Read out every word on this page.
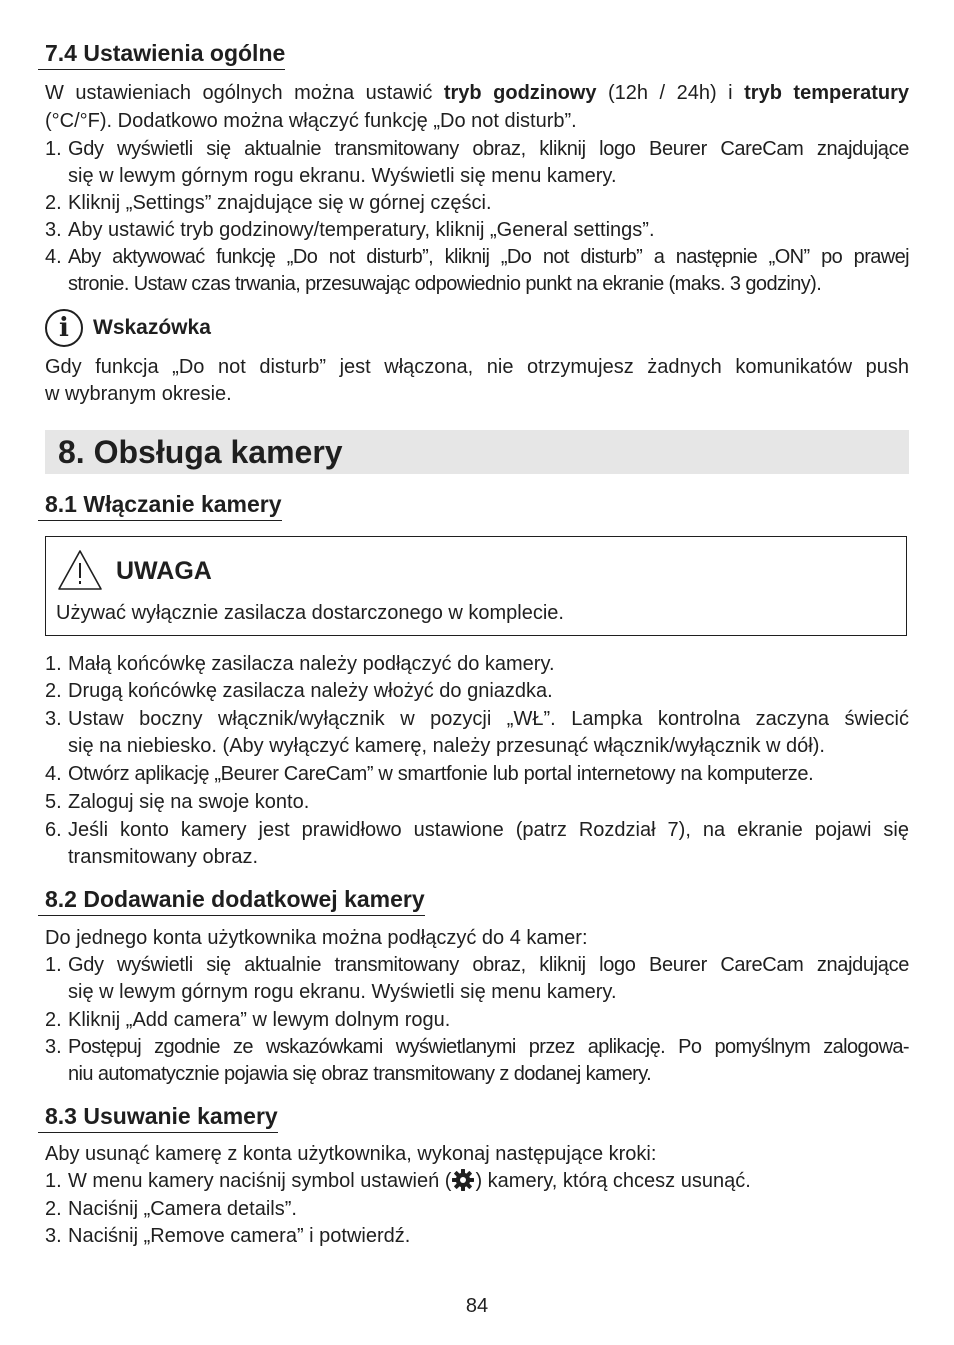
7.4 Ustawienia ogólne
W ustawieniach ogólnych można ustawić tryb godzinowy (12h / 24h) i tryb temperatury
(°C/°F). Dodatkowo można włączyć funkcję „Do not disturb”.
1. Gdy wyświetli się aktualnie transmitowany obraz, kliknij logo Beurer CareCam znajdujące
się w lewym górnym rogu ekranu. Wyświetli się menu kamery.
2. Kliknij „Settings” znajdujące się w górnej części.
3. Aby ustawić tryb godzinowy/temperatury, kliknij „General settings”.
4. Aby aktywować funkcję „Do not disturb”, kliknij „Do not disturb” a następnie „ON” po prawej
stronie. Ustaw czas trwania, przesuwając odpowiednio punkt na ekranie (maks. 3 godziny).
i	Wskazówka
Gdy funkcja „Do not disturb” jest włączona, nie otrzymujesz żadnych komunikatów push
w wybranym okresie.
8. Obsługa kamery
8.1 Włączanie kamery
UWAGA
Używać wyłącznie zasilacza dostarczonego w komplecie.
1. Małą końcówkę zasilacza należy podłączyć do kamery.
2. Drugą końcówkę zasilacza należy włożyć do gniazdka.
3. Ustaw boczny włącznik/wyłącznik w pozycji „WŁ”. Lampka kontrolna zaczyna świecić
się na niebiesko. (Aby wyłączyć kamerę, należy przesunąć włącznik/wyłącznik w dół).
4. Otwórz aplikację „Beurer CareCam” w smartfonie lub portal internetowy na komputerze.
5. Zaloguj się na swoje konto.
6. Jeśli konto kamery jest prawidłowo ustawione (patrz Rozdział 7), na ekranie pojawi się
transmitowany obraz.
8.2 Dodawanie dodatkowej kamery
Do jednego konta użytkownika można podłączyć do 4 kamer:
1. Gdy wyświetli się aktualnie transmitowany obraz, kliknij logo Beurer CareCam znajdujące
się w lewym górnym rogu ekranu. Wyświetli się menu kamery.
2. Kliknij „Add camera” w lewym dolnym rogu.
3. Postępuj zgodnie ze wskazówkami wyświetlanymi przez aplikację. Po pomyślnym zalogowa-
niu automatycznie pojawia się obraz transmitowany z dodanej kamery.
8.3 Usuwanie kamery
Aby usunąć kamerę z konta użytkownika, wykonaj następujące kroki:
1. W menu kamery naciśnij symbol ustawień ( ) kamery, którą chcesz usunąć.
2. Naciśnij „Camera details”.
3. Naciśnij „Remove camera” i potwierdź.
84
